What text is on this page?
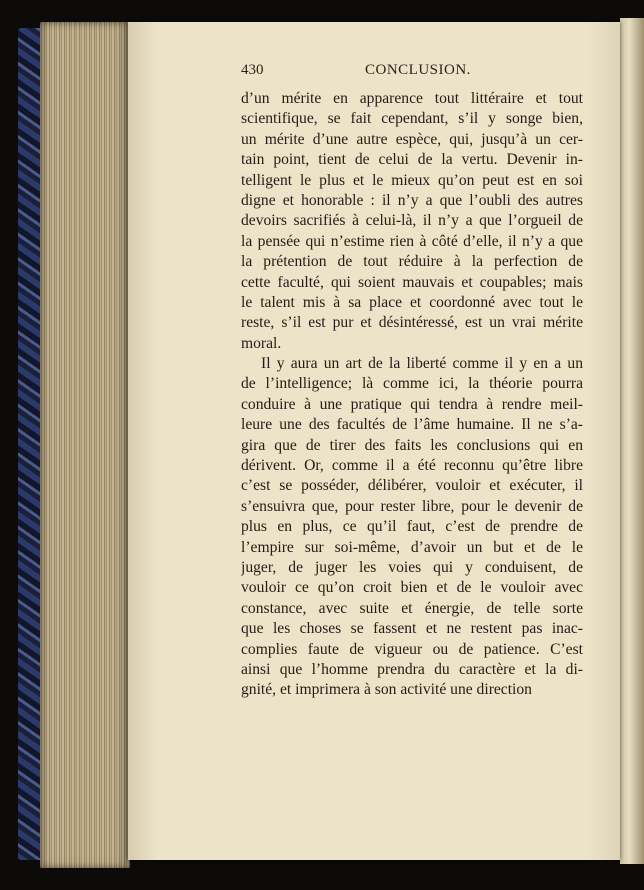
430	CONCLUSION.
d’un mérite en apparence tout littéraire et tout
scientifique, se fait cependant, s’il y songe bien,
un mérite d’une autre espèce, qui, jusqu’à un cer-
tain point, tient de celui de la vertu. Devenir in-
telligent le plus et le mieux qu’on peut est en soi
digne et honorable : il n’y a que l’oubli des autres
devoirs sacrifiés à celui-là, il n’y a que l’orgueil de
la pensée qui n’estime rien à côté d’elle, il n’y a que
la prétention de tout réduire à la perfection de
cette faculté, qui soient mauvais et coupables; mais
le talent mis à sa place et coordonné avec tout le
reste, s’il est pur et désintéressé, est un vrai mérite
moral.
Il y aura un art de la liberté comme il y en a un
de l’intelligence; là comme ici, la théorie pourra
conduire à une pratique qui tendra à rendre meil-
leure une des facultés de l’âme humaine. Il ne s’a-
gira que de tirer des faits les conclusions qui en
dérivent. Or, comme il a été reconnu qu’être libre
c’est se posséder, délibérer, vouloir et exécuter, il
s’ensuivra que, pour rester libre, pour le devenir de
plus en plus, ce qu’il faut, c’est de prendre de
l’empire sur soi-même, d’avoir un but et de le
juger, de juger les voies qui y conduisent, de
vouloir ce qu’on croit bien et de le vouloir avec
constance, avec suite et énergie, de telle sorte
que les choses se fassent et ne restent pas inac-
complies faute de vigueur ou de patience. C’est
ainsi que l’homme prendra du caractère et la di-
gnité, et imprimera à son activité une direction
